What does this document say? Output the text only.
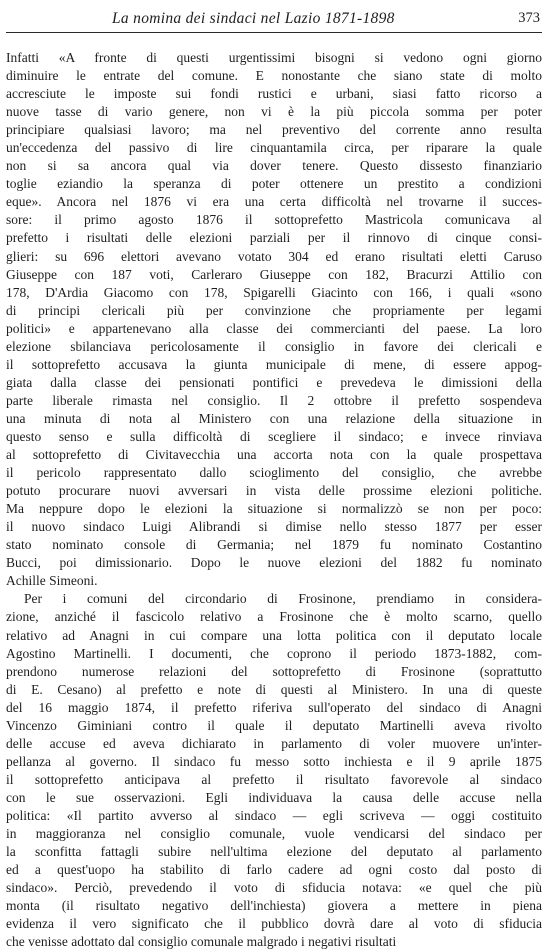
La nomina dei sindaci nel Lazio 1871-1898	373
Infatti «A fronte di questi urgentissimi bisogni si vedono ogni giorno
diminuire le entrate del comune. E nonostante che siano state di molto
accresciute le imposte sui fondi rustici e urbani, siasi fatto ricorso a
nuove tasse di vario genere, non vi è la più piccola somma per poter
principiare qualsiasi lavoro; ma nel preventivo del corrente anno resulta
un'eccedenza del passivo di lire cinquantamila circa, per riparare la quale
non si sa ancora qual via dover tenere. Questo dissesto finanziario
toglie eziandio la speranza di poter ottenere un prestito a condizioni
eque». Ancora nel 1876 vi era una certa difficoltà nel trovarne il succes-
sore: il primo agosto 1876 il sottoprefetto Mastricola comunicava al
prefetto i risultati delle elezioni parziali per il rinnovo di cinque consi-
glieri: su 696 elettori avevano votato 304 ed erano risultati eletti Caruso
Giuseppe con 187 voti, Carleraro Giuseppe con 182, Bracurzi Attilio con
178, D'Ardia Giacomo con 178, Spigarelli Giacinto con 166, i quali «sono
di principi clericali più per convinzione che propriamente per legami
politici» e appartenevano alla classe dei commercianti del paese. La loro
elezione sbilanciava pericolosamente il consiglio in favore dei clericali e
il sottoprefetto accusava la giunta municipale di mene, di essere appog-
giata dalla classe dei pensionati pontifici e prevedeva le dimissioni della
parte liberale rimasta nel consiglio. Il 2 ottobre il prefetto sospendeva
una minuta di nota al Ministero con una relazione della situazione in
questo senso e sulla difficoltà di scegliere il sindaco; e invece rinviava
al sottoprefetto di Civitavecchia una accorta nota con la quale prospettava
il pericolo rappresentato dallo scioglimento del consiglio, che avrebbe
potuto procurare nuovi avversari in vista delle prossime elezioni politiche.
Ma neppure dopo le elezioni la situazione si normalizzò se non per poco:
il nuovo sindaco Luigi Alibrandi si dimise nello stesso 1877 per esser
stato nominato console di Germania; nel 1879 fu nominato Costantino
Bucci, poi dimissionario. Dopo le nuove elezioni del 1882 fu nominato
Achille Simeoni.
Per i comuni del circondario di Frosinone, prendiamo in considera-
zione, anziché il fascicolo relativo a Frosinone che è molto scarno, quello
relativo ad Anagni in cui compare una lotta politica con il deputato locale
Agostino Martinelli. I documenti, che coprono il periodo 1873-1882, com-
prendono numerose relazioni del sottoprefetto di Frosinone (soprattutto
di E. Cesano) al prefetto e note di questi al Ministero. In una di queste
del 16 maggio 1874, il prefetto riferiva sull'operato del sindaco di Anagni
Vincenzo Giminiani contro il quale il deputato Martinelli aveva rivolto
delle accuse ed aveva dichiarato in parlamento di voler muovere un'inter-
pellanza al governo. Il sindaco fu messo sotto inchiesta e il 9 aprile 1875
il sottoprefetto anticipava al prefetto il risultato favorevole al sindaco
con le sue osservazioni. Egli individuava la causa delle accuse nella
politica: «Il partito avverso al sindaco — egli scriveva — oggi costituito
in maggioranza nel consiglio comunale, vuole vendicarsi del sindaco per
la sconfitta fattagli subire nell'ultima elezione del deputato al parlamento
ed a quest'uopo ha stabilito di farlo cadere ad ogni costo dal posto di
sindaco». Perciò, prevedendo il voto di sfiducia notava: «e quel che più
monta (il risultato negativo dell'inchiesta) giovera a mettere in piena
evidenza il vero significato che il pubblico dovrà dare al voto di sfiducia
che venisse adottato dal consiglio comunale malgrado i negativi risultati
